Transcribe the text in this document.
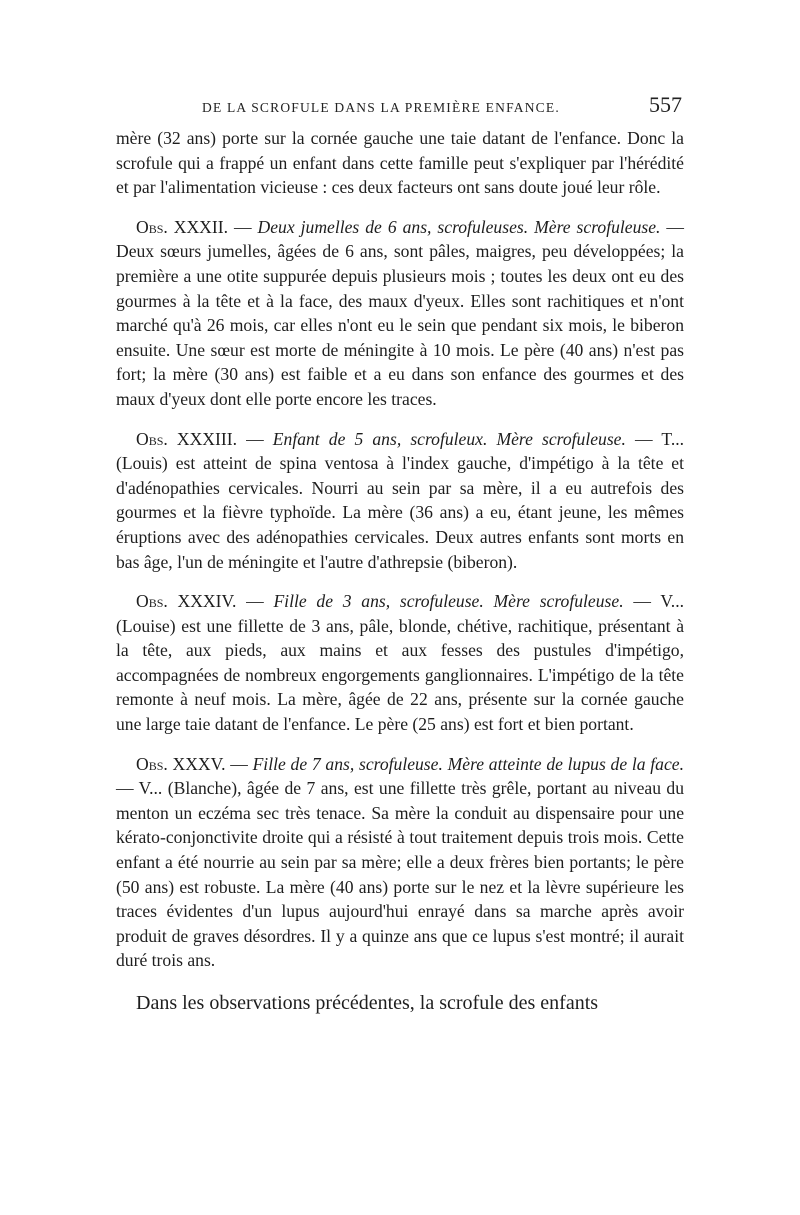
DE LA SCROFULE DANS LA PREMIÈRE ENFANCE.	557

mère (32 ans) porte sur la cornée gauche une taie datant de l'enfance. Donc la scrofule qui a frappé un enfant dans cette famille peut s'expliquer par l'hérédité et par l'alimentation vicieuse : ces deux facteurs ont sans doute joué leur rôle.

Obs. XXXII. — Deux jumelles de 6 ans, scrofuleuses. Mère scrofuleuse. — Deux sœurs jumelles, âgées de 6 ans, sont pâles, maigres, peu développées; la première a une otite suppurée depuis plusieurs mois ; toutes les deux ont eu des gourmes à la tête et à la face, des maux d'yeux. Elles sont rachitiques et n'ont marché qu'à 26 mois, car elles n'ont eu le sein que pendant six mois, le biberon ensuite. Une sœur est morte de méningite à 10 mois. Le père (40 ans) n'est pas fort; la mère (30 ans) est faible et a eu dans son enfance des gourmes et des maux d'yeux dont elle porte encore les traces.

Obs. XXXIII. — Enfant de 5 ans, scrofuleux. Mère scrofuleuse. — T... (Louis) est atteint de spina ventosa à l'index gauche, d'impétigo à la tête et d'adénopathies cervicales. Nourri au sein par sa mère, il a eu autrefois des gourmes et la fièvre typhoïde. La mère (36 ans) a eu, étant jeune, les mêmes éruptions avec des adénopathies cervicales. Deux autres enfants sont morts en bas âge, l'un de méningite et l'autre d'athrepsie (biberon).

Obs. XXXIV. — Fille de 3 ans, scrofuleuse. Mère scrofuleuse. — V... (Louise) est une fillette de 3 ans, pâle, blonde, chétive, rachitique, présentant à la tête, aux pieds, aux mains et aux fesses des pustules d'impétigo, accompagnées de nombreux engorgements ganglionnaires. L'impétigo de la tête remonte à neuf mois. La mère, âgée de 22 ans, présente sur la cornée gauche une large taie datant de l'enfance. Le père (25 ans) est fort et bien portant.

Obs. XXXV. — Fille de 7 ans, scrofuleuse. Mère atteinte de lupus de la face. — V... (Blanche), âgée de 7 ans, est une fillette très grêle, portant au niveau du menton un eczéma sec très tenace. Sa mère la conduit au dispensaire pour une kérato-conjonctivite droite qui a résisté à tout traitement depuis trois mois. Cette enfant a été nourrie au sein par sa mère; elle a deux frères bien portants; le père (50 ans) est robuste. La mère (40 ans) porte sur le nez et la lèvre supérieure les traces évidentes d'un lupus aujourd'hui enrayé dans sa marche après avoir produit de graves désordres. Il y a quinze ans que ce lupus s'est montré; il aurait duré trois ans.

Dans les observations précédentes, la scrofule des enfants
